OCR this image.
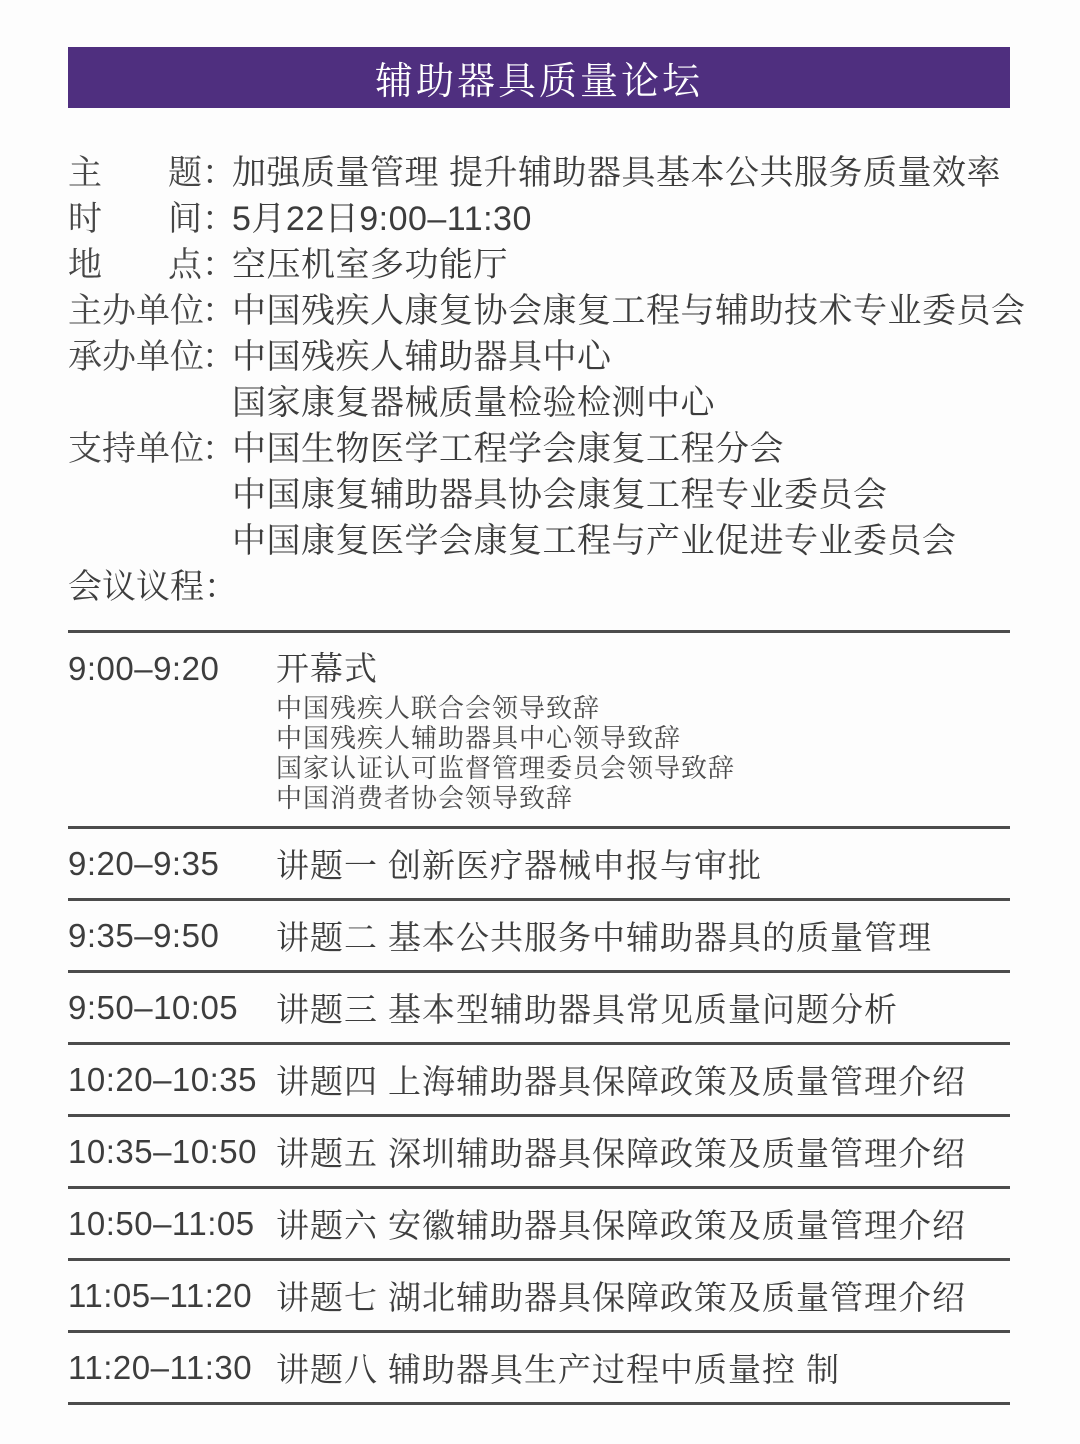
辅助器具质量论坛
主题 ：
加强质量管理 提升辅助器具基本公共服务质量效率
时间 ：
5月22日9:00–11:30
地点 ：
空压机室多功能厅
主办单位
：
中国残疾人康复协会康复工程与辅助技术专业委员会
承办单位
：
中国残疾人辅助器具中心
国家康复器械质量检验检测中心
支持单位
：
中国生物医学工程学会康复工程分会
中国康复辅助器具协会康复工程专业委员会
中国康复医学会康复工程与产业促进专业委员会
会议议程：
9:00–9:20	开幕式
中国残疾人联合会领导致辞
中国残疾人辅助器具中心领导致辞
国家认证认可监督管理委员会领导致辞
中国消费者协会领导致辞
9:20–9:35	讲题一 创新医疗器械申报与审批
9:35–9:50	讲题二 基本公共服务中辅助器具的质量管理
9:50–10:05	讲题三 基本型辅助器具常见质量问题分析
10:20–10:35 讲题四 上海辅助器具保障政策及质量管理介绍
10:35–10:50 讲题五 深圳辅助器具保障政策及质量管理介绍
10:50–11:05 讲题六 安徽辅助器具保障政策及质量管理介绍
11:05–11:20 讲题七 湖北辅助器具保障政策及质量管理介绍
11:20–11:30 讲题八 辅助器具生产过程中质量控 制
